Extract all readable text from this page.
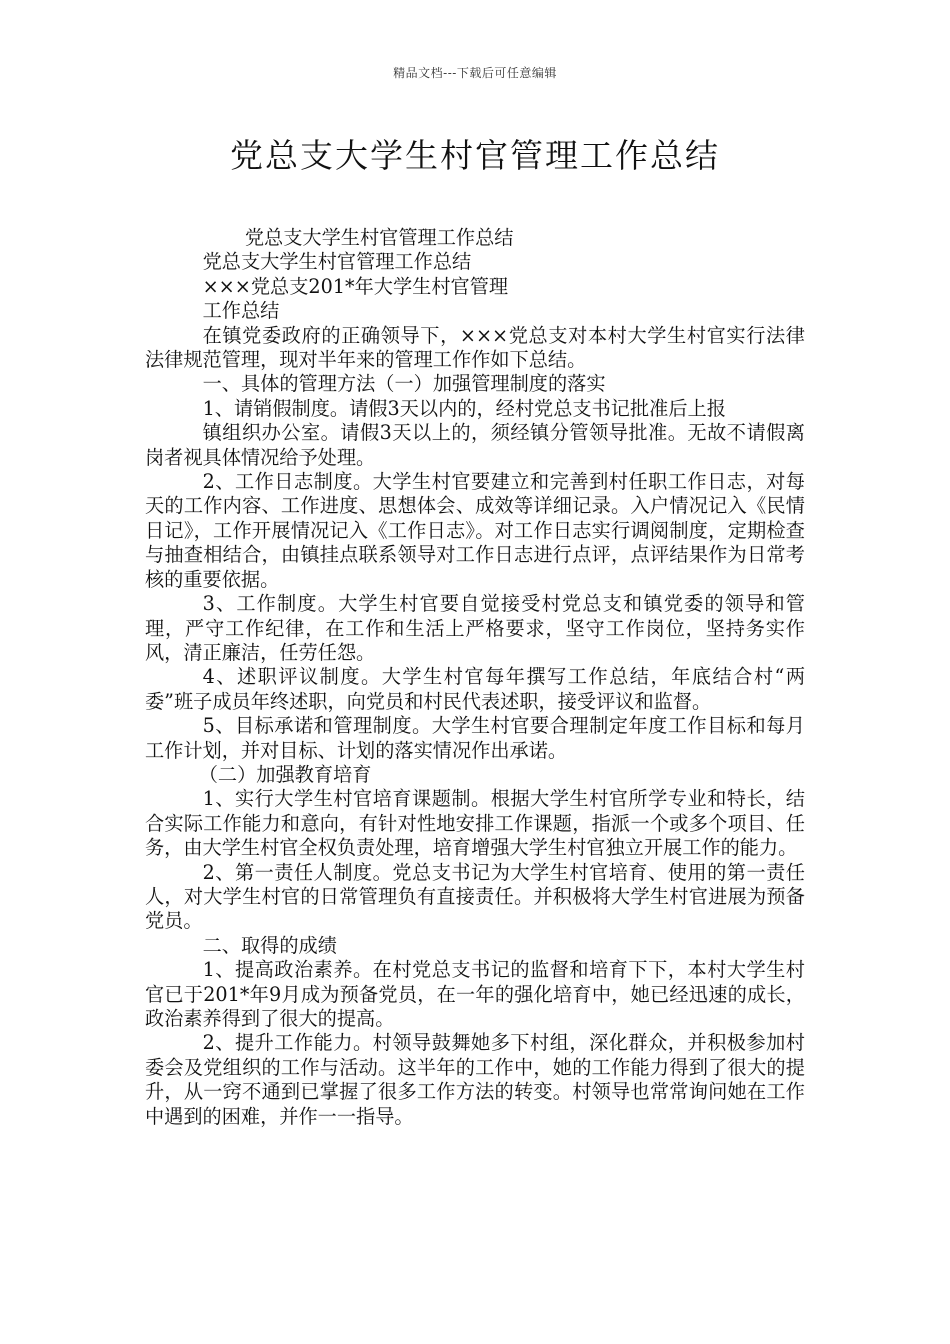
精品文档---下载后可任意编辑
党总支大学生村官管理工作总结

党总支大学生村官管理工作总结

党总支大学生村官管理工作总结

×××党总支201*年大学生村官管理

工作总结

在镇党委政府的正确领导下，×××党总支对本村大学生村官实行法律法律规范管理，现对半年来的管理工作作如下总结。

一、具体的管理方法（一）加强管理制度的落实

1、请销假制度。请假3天以内的，经村党总支书记批准后上报

镇组织办公室。请假3天以上的，须经镇分管领导批准。无故不请假离岗者视具体情况给予处理。

2、工作日志制度。大学生村官要建立和完善到村任职工作日志，对每天的工作内容、工作进度、思想体会、成效等详细记录。入户情况记入《民情日记》，工作开展情况记入《工作日志》。对工作日志实行调阅制度，定期检查与抽查相结合，由镇挂点联系领导对工作日志进行点评，点评结果作为日常考核的重要依据。

3、工作制度。大学生村官要自觉接受村党总支和镇党委的领导和管理，严守工作纪律，在工作和生活上严格要求，坚守工作岗位，坚持务实作风，清正廉洁，任劳任怨。

4、述职评议制度。大学生村官每年撰写工作总结，年底结合村“两委”班子成员年终述职，向党员和村民代表述职，接受评议和监督。

5、目标承诺和管理制度。大学生村官要合理制定年度工作目标和每月工作计划，并对目标、计划的落实情况作出承诺。

（二）加强教育培育

1、实行大学生村官培育课题制。根据大学生村官所学专业和特长，结合实际工作能力和意向，有针对性地安排工作课题，指派一个或多个项目、任务，由大学生村官全权负责处理，培育增强大学生村官独立开展工作的能力。

2、第一责任人制度。党总支书记为大学生村官培育、使用的第一责任人，对大学生村官的日常管理负有直接责任。并积极将大学生村官进展为预备党员。

二、取得的成绩

1、提高政治素养。在村党总支书记的监督和培育下下，本村大学生村官已于201*年9月成为预备党员，在一年的强化培育中，她已经迅速的成长，政治素养得到了很大的提高。

2、提升工作能力。村领导鼓舞她多下村组，深化群众，并积极参加村委会及党组织的工作与活动。这半年的工作中，她的工作能力得到了很大的提升，从一窍不通到已掌握了很多工作方法的转变。村领导也常常询问她在工作中遇到的困难，并作一一指导。
